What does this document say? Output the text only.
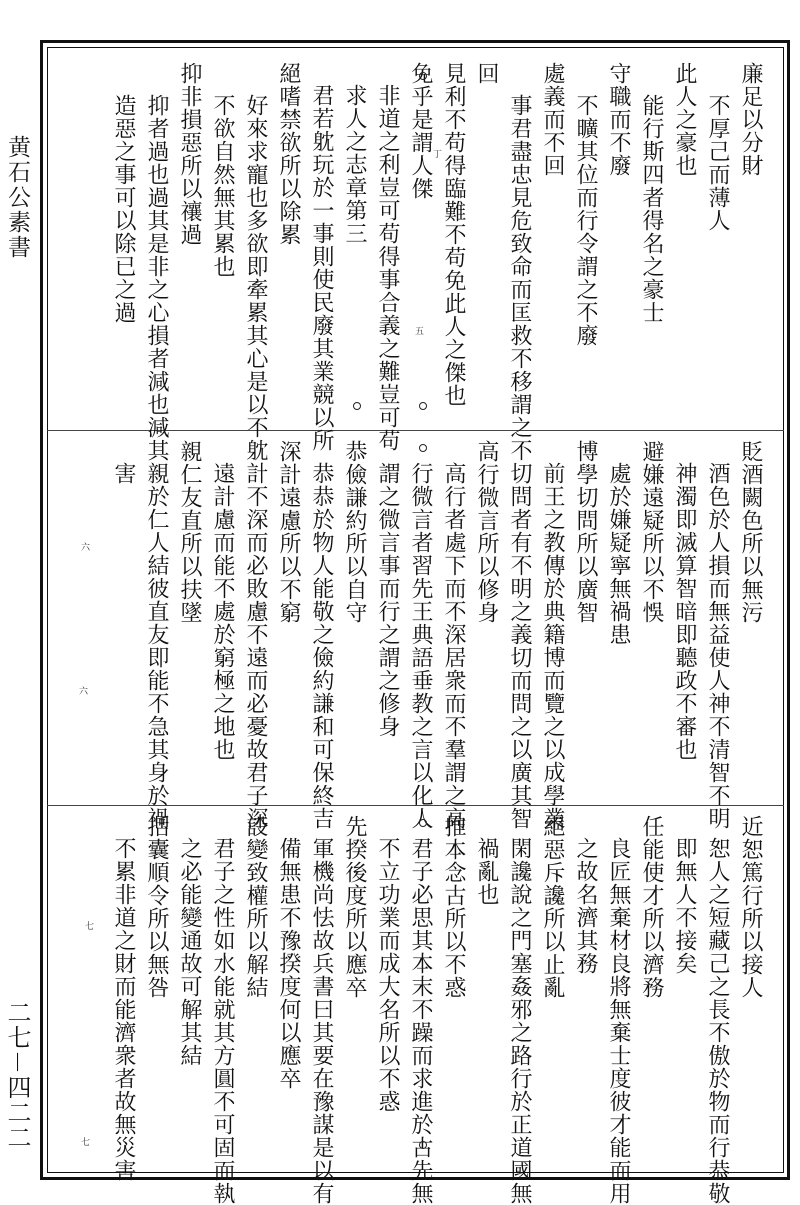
黄石公素書
二七－四二二
廉足以分財
不厚己而薄人
此人之豪也
能行斯四者得名之豪士
守職而不廢
不曠其位而行令謂之不廢
處義而不回
事君盡忠見危致命而匡救不移謂之不
回
見利不苟得臨難不苟免此人之傑也
免乎是謂人傑
非道之利豈可苟得事合義之難豈可苟
求人之志章第三
君若躭玩於一事則使民廢其業競以所
絕嗜禁欲所以除累
好來求寵也多欲即牽累其心是以不躭
不欲自然無其累也
抑非損惡所以禳過
抑者過也過其是非之心損者減也減其
造惡之事可以除已之過	丁
五
貶酒闕色所以無污
酒色於人損而無益使人神不清智不明
神濁即滅算智暗即聽政不審也
避嫌遠疑所以不悞
處於嫌疑寧無禍患
博學切問所以廣智
前王之教傳於典籍博而覽之以成學業
切問者有不明之義切而問之以廣其智
高行微言所以修身
高行者處下而不深居衆而不羣謂之高
行微言者習先王典語垂教之言以化人
謂之微言事而行之謂之修身
恭儉謙約所以自守
恭恭於物人能敬之儉約謙和可保終吉
深計遠慮所以不窮
計不深而必敗慮不遠而必憂故君子深
遠計慮而能不處於窮極之地也
親仁友直所以扶墜
親於仁人結彼直友即能不急其身於禍
害
六
六
近恕篤行所以接人
恕人之短藏己之長不傲於物而行恭敬
即無人不接矣
任能使才所以濟務
良匠無棄材良將無棄士度彼才能而用
之故名濟其務
絕惡斥讒所以止亂
閑讒說之門塞姦邪之路行於正道國無
禍亂也
推本念古所以不惑
君子必思其本末不躁而求進於古先無
不立功業而成大名所以不惑
先揆後度所以應卒
軍機尚怯故兵書曰其要在豫謀是以有
備無患不豫揆度何以應卒
設變致權所以解結
君子之性如水能就其方圓不可固而執
之必能變通故可解其結
括囊順令所以無咎
不累非道之財而能濟衆者故無災害
七
七
